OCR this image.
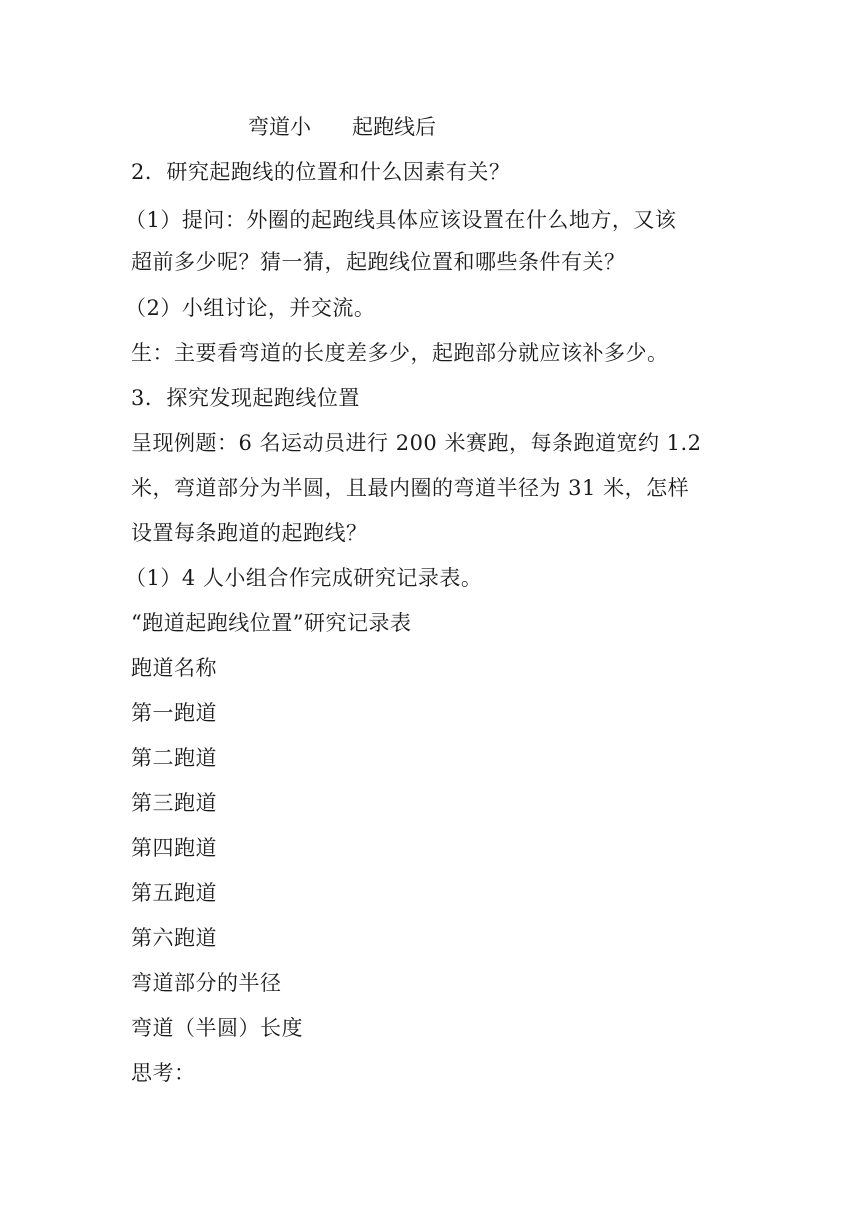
弯道小 起跑线后
2．研究起跑线的位置和什么因素有关？
（1）提问：外圈的起跑线具体应该设置在什么地方，又该
超前多少呢？猜一猜，起跑线位置和哪些条件有关？
（2）小组讨论，并交流。
生：主要看弯道的长度差多少，起跑部分就应该补多少。
3．探究发现起跑线位置
呈现例题：6 名运动员进行 200 米赛跑，每条跑道宽约 1.2
米，弯道部分为半圆，且最内圈的弯道半径为 31 米，怎样
设置每条跑道的起跑线？
（1）4 人小组合作完成研究记录表。
“跑道起跑线位置”研究记录表
跑道名称
第一跑道
第二跑道
第三跑道
第四跑道
第五跑道
第六跑道
弯道部分的半径
弯道（半圆）长度
思考：
